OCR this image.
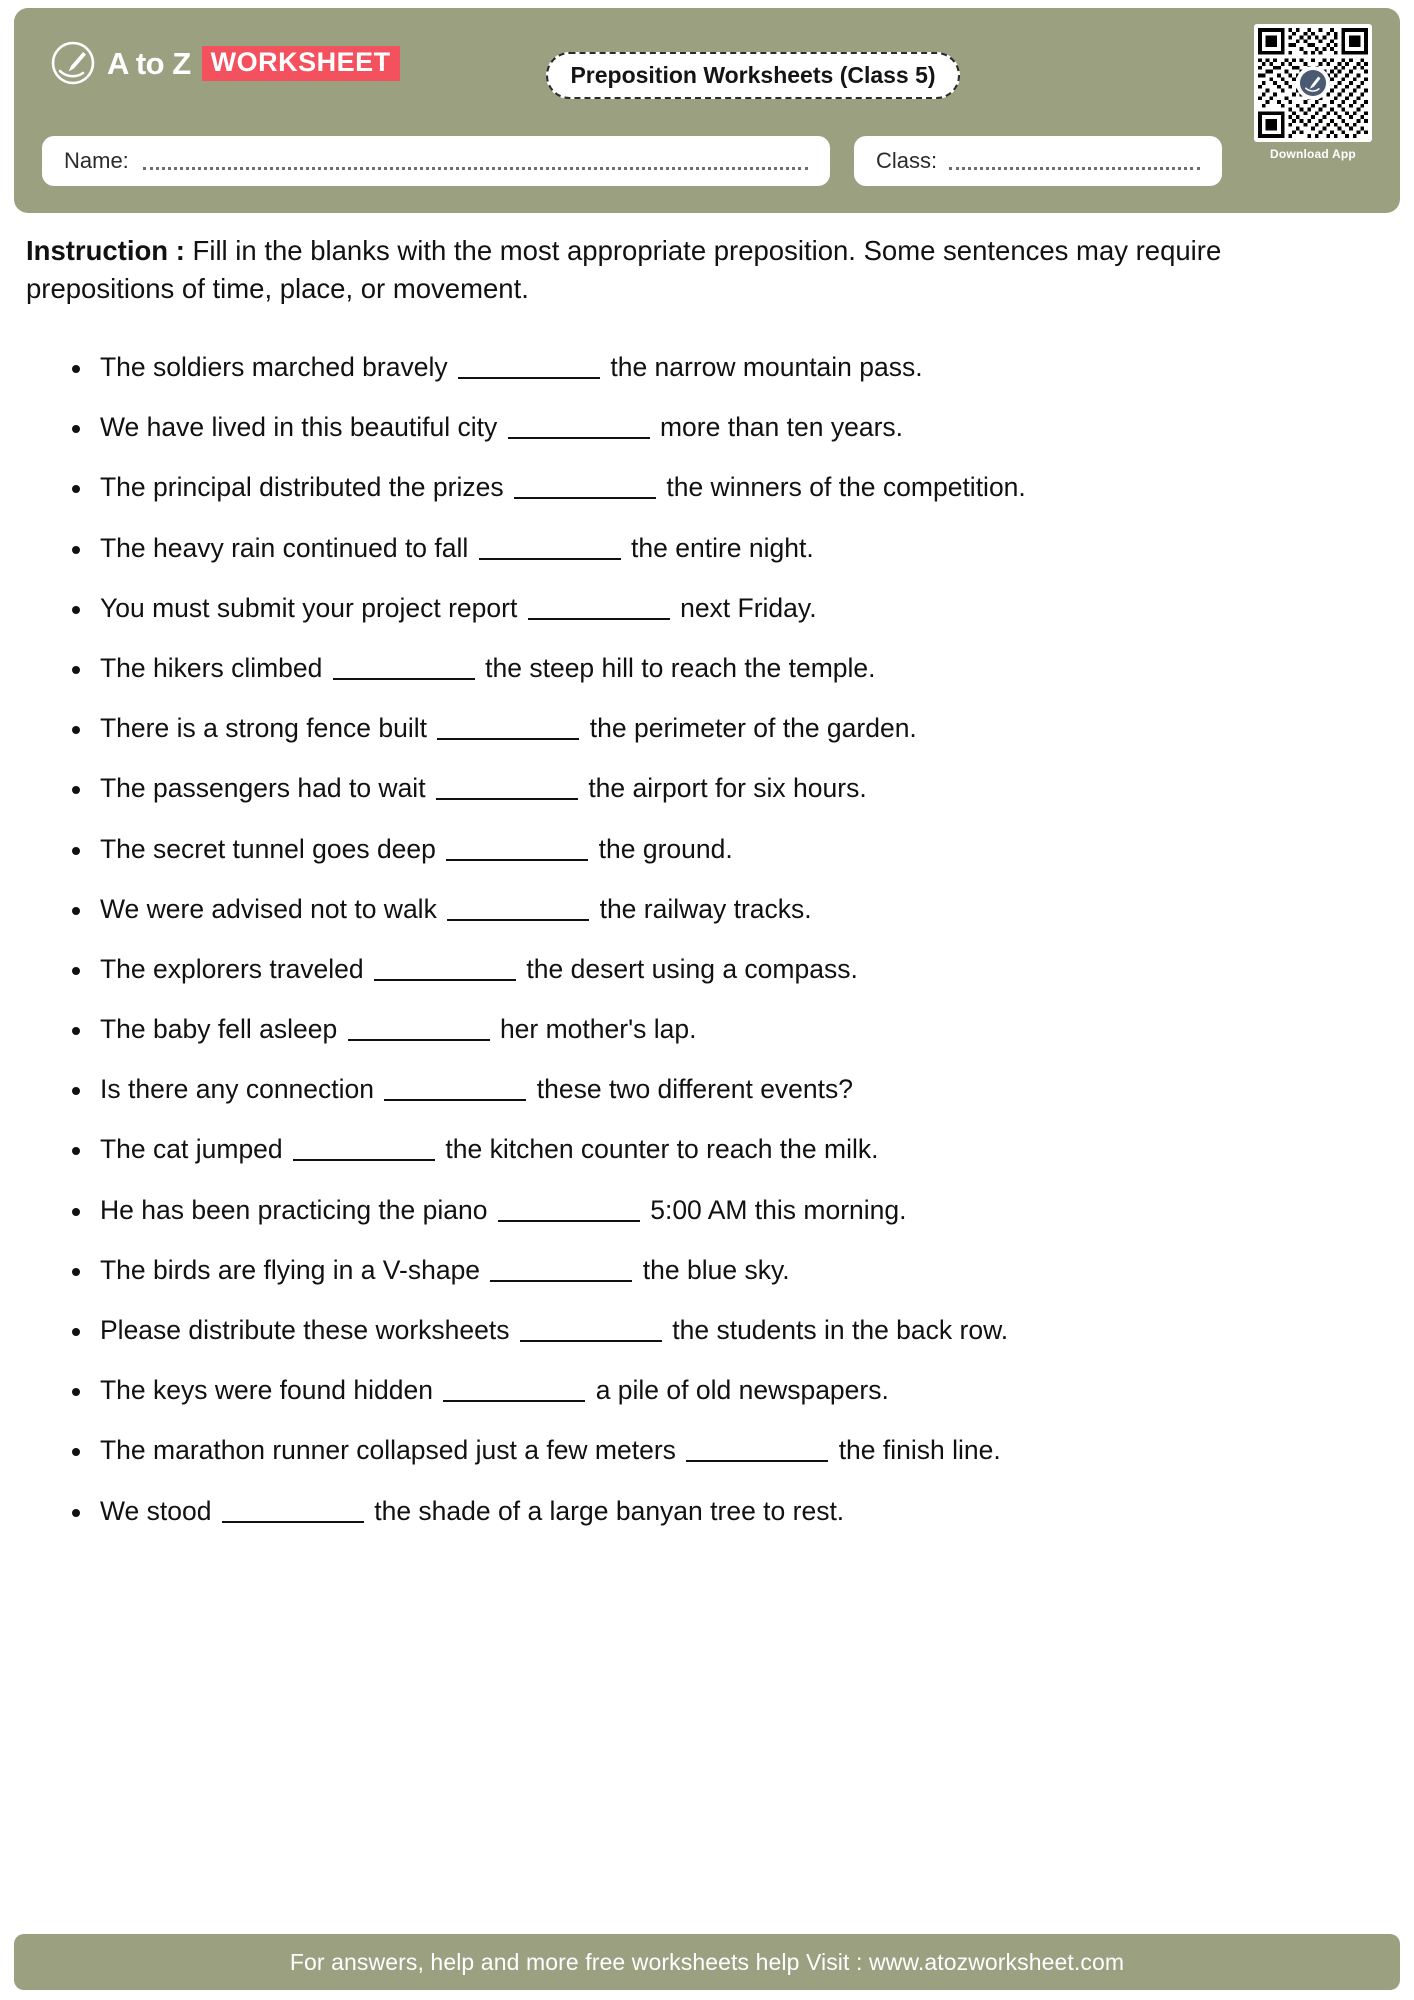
A to Z WORKSHEET	Preposition Worksheets (Class 5)
Download App
Name:	Class:

Instruction : Fill in the blanks with the most appropriate preposition. Some sentences may require prepositions of time, place, or movement.

The soldiers marched bravely	the narrow mountain pass.
We have lived in this beautiful city	more than ten years.
The principal distributed the prizes	the winners of the competition.
The heavy rain continued to fall	the entire night.
You must submit your project report	next Friday.
The hikers climbed	the steep hill to reach the temple.
There is a strong fence built	the perimeter of the garden.
The passengers had to wait	the airport for six hours.
The secret tunnel goes deep	the ground.
We were advised not to walk	the railway tracks.
The explorers traveled	the desert using a compass.
The baby fell asleep	her mother's lap.
Is there any connection	these two different events?
The cat jumped	the kitchen counter to reach the milk.
He has been practicing the piano	5:00 AM this morning.
The birds are flying in a V-shape	the blue sky.
Please distribute these worksheets	the students in the back row.
The keys were found hidden	a pile of old newspapers.
The marathon runner collapsed just a few meters	the finish line.
We stood	the shade of a large banyan tree to rest.
For answers, help and more free worksheets help Visit : www.atozworksheet.com
